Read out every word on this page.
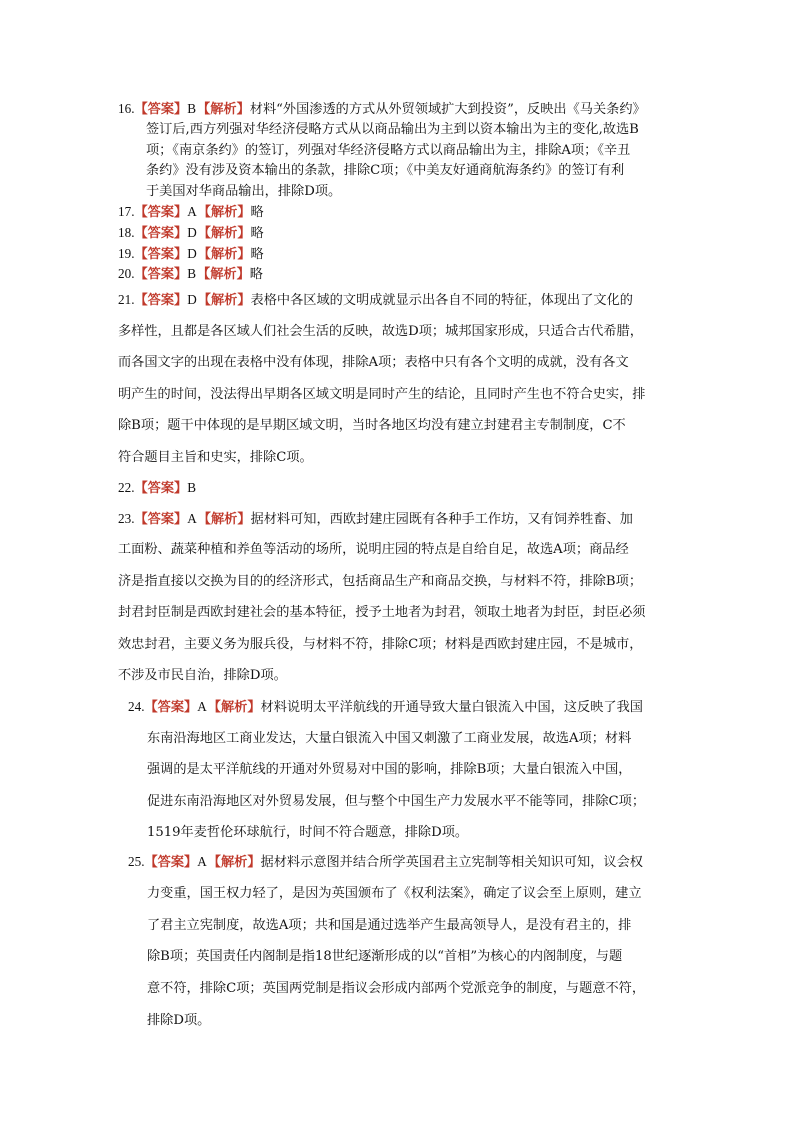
16.【答案】B【解析】材料“外国渗透的方式从外贸领域扩大到投资”，反映出《马关条约》
签订后,西方列强对华经济侵略方式从以商品输出为主到以资本输出为主的变化,故选B
项；《南京条约》的签订，列强对华经济侵略方式以商品输出为主，排除A项；《辛丑
条约》没有涉及资本输出的条款，排除C项；《中美友好通商航海条约》的签订有利
于美国对华商品输出，排除D项。
17.【答案】A【解析】略
18.【答案】D【解析】略
19.【答案】D【解析】略
20.【答案】B【解析】略
21.【答案】D【解析】表格中各区域的文明成就显示出各自不同的特征，体现出了文化的
多样性，且都是各区域人们社会生活的反映，故选D项；城邦国家形成，只适合古代希腊，
而各国文字的出现在表格中没有体现，排除A项；表格中只有各个文明的成就，没有各文
明产生的时间，没法得出早期各区域文明是同时产生的结论，且同时产生也不符合史实，排
除B项；题干中体现的是早期区域文明，当时各地区均没有建立封建君主专制制度，C不
符合题目主旨和史实，排除C项。
22.【答案】B
23.【答案】A【解析】据材料可知，西欧封建庄园既有各种手工作坊，又有饲养牲畜、加
工面粉、蔬菜种植和养鱼等活动的场所，说明庄园的特点是自给自足，故选A项；商品经
济是指直接以交换为目的的经济形式，包括商品生产和商品交换，与材料不符，排除B项；
封君封臣制是西欧封建社会的基本特征，授予土地者为封君，领取土地者为封臣，封臣必须
效忠封君，主要义务为服兵役，与材料不符，排除C项；材料是西欧封建庄园，不是城市，
不涉及市民自治，排除D项。
24.【答案】A【解析】材料说明太平洋航线的开通导致大量白银流入中国，这反映了我国
东南沿海地区工商业发达，大量白银流入中国又刺激了工商业发展，故选A项；材料
强调的是太平洋航线的开通对外贸易对中国的影响，排除B项；大量白银流入中国，
促进东南沿海地区对外贸易发展，但与整个中国生产力发展水平不能等同，排除C项；
1519年麦哲伦环球航行，时间不符合题意，排除D项。
25.【答案】A【解析】据材料示意图并结合所学英国君主立宪制等相关知识可知，议会权
力变重，国王权力轻了，是因为英国颁布了《权利法案》，确定了议会至上原则，建立
了君主立宪制度，故选A项；共和国是通过选举产生最高领导人，是没有君主的，排
除B项；英国责任内阁制是指18世纪逐渐形成的以“首相”为核心的内阁制度，与题
意不符，排除C项；英国两党制是指议会形成内部两个党派竞争的制度，与题意不符，
排除D项。
